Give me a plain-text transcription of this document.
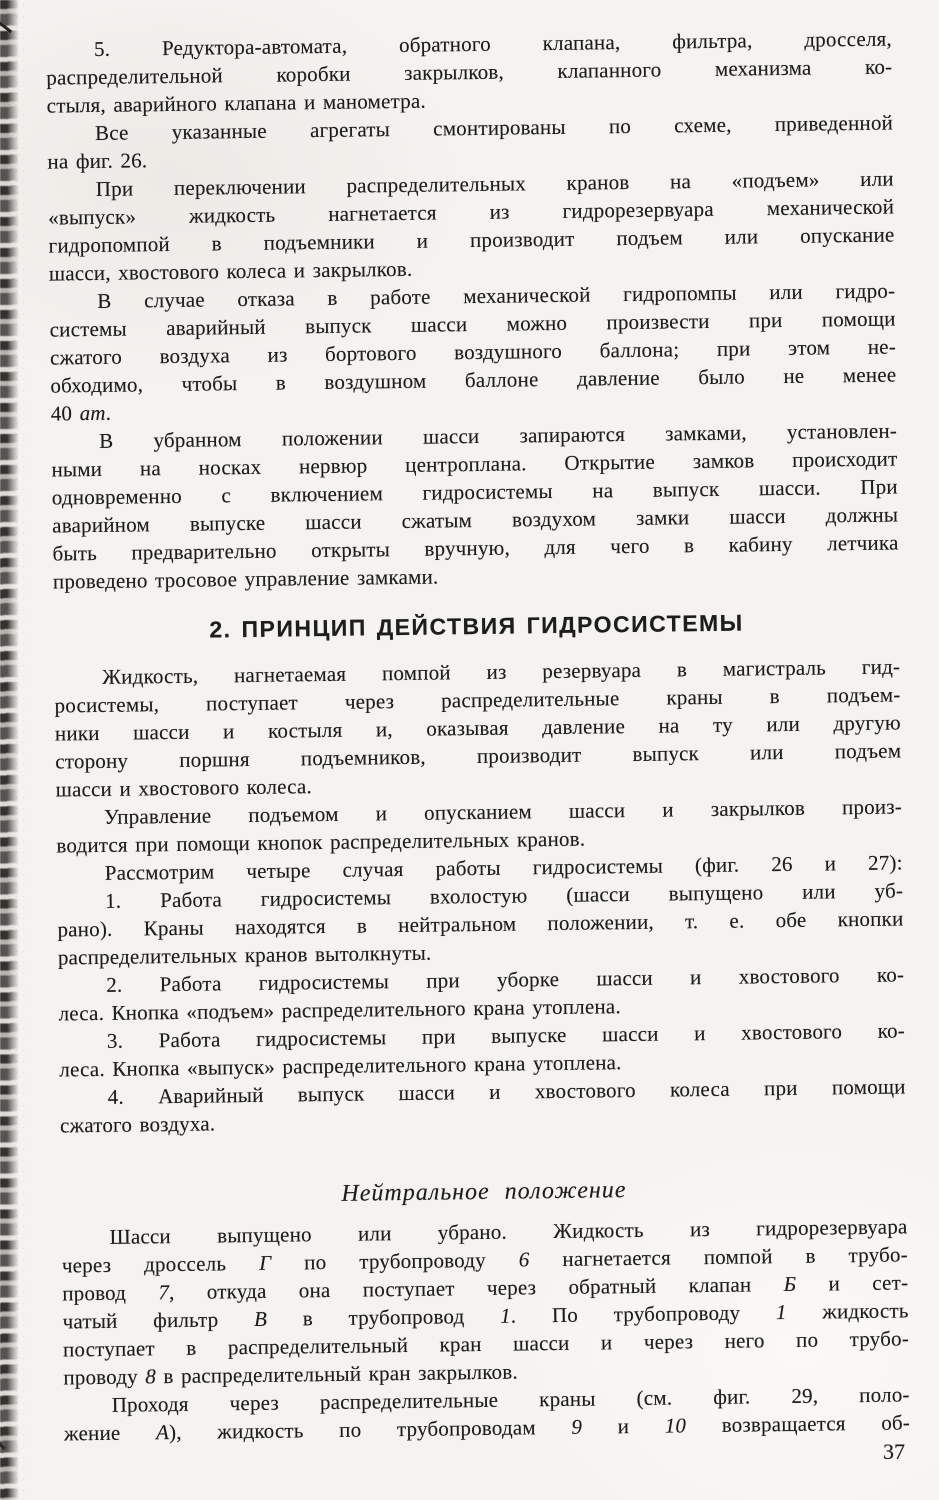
5. Редуктора-автомата, обратного клапана, фильтра, дросселя,
распределительной коробки закрылков, клапанного механизма ко-
стыля, аварийного клапана и манометра.

Все указанные агрегаты смонтированы по схеме, приведенной
на фиг. 26.

При переключении распределительных кранов на «подъем» или
«выпуск» жидкость нагнетается из гидрорезервуара механической
гидропомпой в подъемники и производит подъем или опускание
шасси, хвостового колеса и закрылков.

В случае отказа в работе механической гидропомпы или гидро-
системы аварийный выпуск шасси можно произвести при помощи
сжатого воздуха из бортового воздушного баллона; при этом не-
обходимо, чтобы в воздушном баллоне давление было не менее
40 ат.

В убранном положении шасси запираются замками, установлен-
ными на носках нервюр центроплана. Открытие замков происходит
одновременно с включением гидросистемы на выпуск шасси. При
аварийном выпуске шасси сжатым воздухом замки шасси должны
быть предварительно открыты вручную, для чего в кабину летчика
проведено тросовое управление замками.

2. ПРИНЦИП ДЕЙСТВИЯ ГИДРОСИСТЕМЫ

Жидкость, нагнетаемая помпой из резервуара в магистраль гид-
росистемы, поступает через распределительные краны в подъем-
ники шасси и костыля и, оказывая давление на ту или другую
сторону поршня подъемников, производит выпуск или подъем
шасси и хвостового колеса.

Управление подъемом и опусканием шасси и закрылков произ-
водится при помощи кнопок распределительных кранов.

Рассмотрим четыре случая работы гидросистемы (фиг. 26 и 27):

1. Работа гидросистемы вхолостую (шасси выпущено или уб-
рано). Краны находятся в нейтральном положении, т. е. обе кнопки
распределительных кранов вытолкнуты.

2. Работа гидросистемы при уборке шасси и хвостового ко-
леса. Кнопка «подъем» распределительного крана утоплена.

3. Работа гидросистемы при выпуске шасси и хвостового ко-
леса. Кнопка «выпуск» распределительного крана утоплена.

4. Аварийный выпуск шасси и хвостового колеса при помощи
сжатого воздуха.

Нейтральное положение

Шасси выпущено или убрано. Жидкость из гидрорезервуара
через дроссель Г по трубопроводу 6 нагнетается помпой в трубо-
провод 7, откуда она поступает через обратный клапан Б и сет-
чатый фильтр В в трубопровод 1. По трубопроводу 1 жидкость
поступает в распределительный кран шасси и через него по трубо-
проводу 8 в распределительный кран закрылков.

Проходя через распределительные краны (см. фиг. 29, поло-
жение А), жидкость по трубопроводам 9 и 10 возвращается об-

37
